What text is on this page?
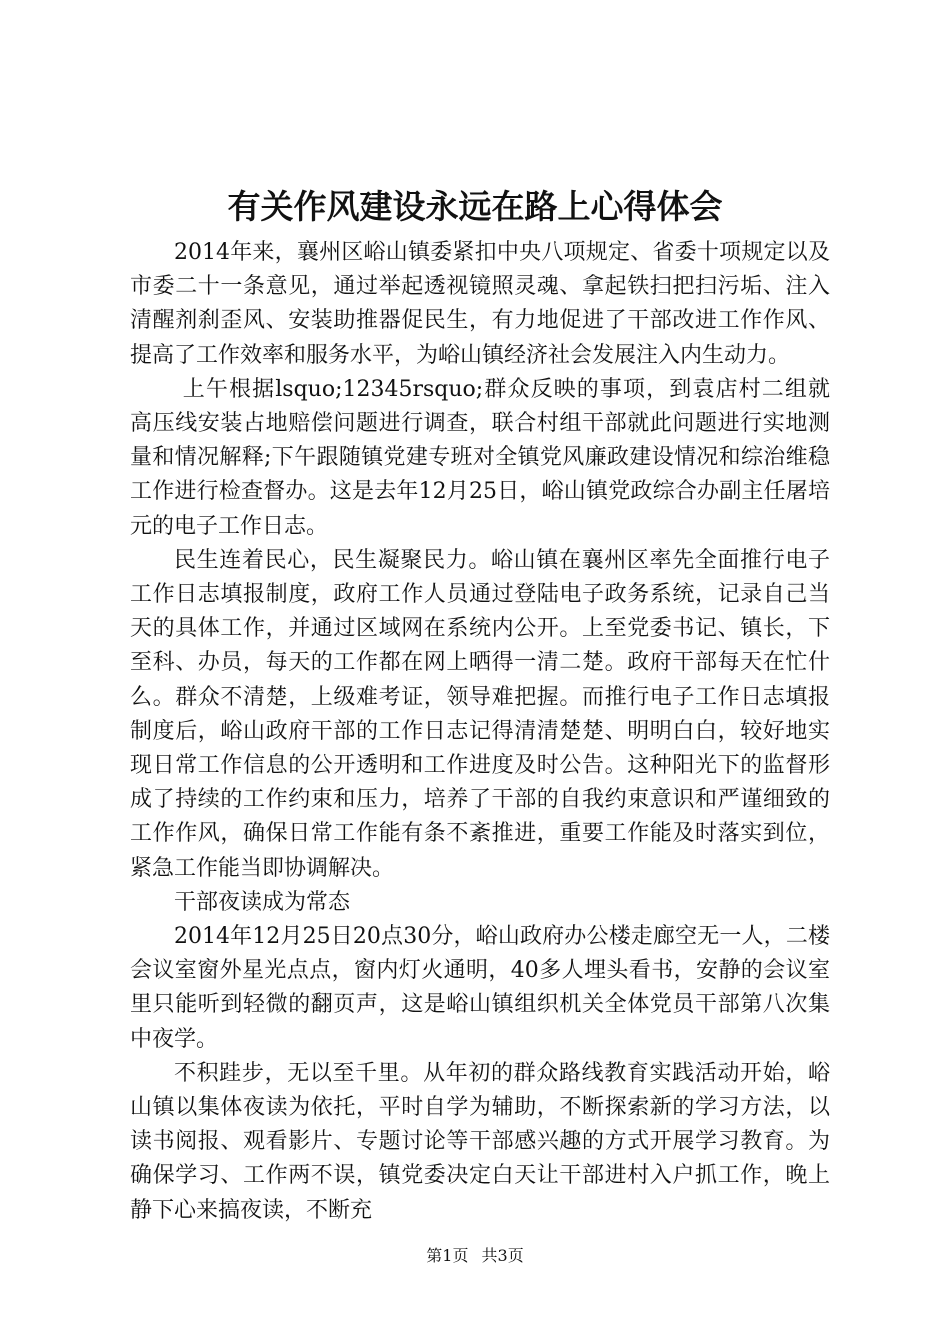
有关作风建设永远在路上心得体会

2014年来，襄州区峪山镇委紧扣中央八项规定、省委十项规定以及市委二十一条意见，通过举起透视镜照灵魂、拿起铁扫把扫污垢、注入清醒剂刹歪风、安装助推器促民生，有力地促进了干部改进工作作风、提高了工作效率和服务水平，为峪山镇经济社会发展注入内生动力。

上午根据lsquo;12345rsquo;群众反映的事项，到袁店村二组就高压线安装占地赔偿问题进行调查，联合村组干部就此问题进行实地测量和情况解释;下午跟随镇党建专班对全镇党风廉政建设情况和综治维稳工作进行检查督办。这是去年12月25日，峪山镇党政综合办副主任屠培元的电子工作日志。

民生连着民心，民生凝聚民力。峪山镇在襄州区率先全面推行电子工作日志填报制度，政府工作人员通过登陆电子政务系统，记录自己当天的具体工作，并通过区域网在系统内公开。上至党委书记、镇长，下至科、办员，每天的工作都在网上晒得一清二楚。政府干部每天在忙什么。群众不清楚，上级难考证，领导难把握。而推行电子工作日志填报制度后，峪山政府干部的工作日志记得清清楚楚、明明白白，较好地实现日常工作信息的公开透明和工作进度及时公告。这种阳光下的监督形成了持续的工作约束和压力，培养了干部的自我约束意识和严谨细致的工作作风，确保日常工作能有条不紊推进，重要工作能及时落实到位，紧急工作能当即协调解决。

干部夜读成为常态

2014年12月25日20点30分，峪山政府办公楼走廊空无一人，二楼会议室窗外星光点点，窗内灯火通明，40多人埋头看书，安静的会议室里只能听到轻微的翻页声，这是峪山镇组织机关全体党员干部第八次集中夜学。

不积跬步，无以至千里。从年初的群众路线教育实践活动开始，峪山镇以集体夜读为依托，平时自学为辅助，不断探索新的学习方法，以读书阅报、观看影片、专题讨论等干部感兴趣的方式开展学习教育。为确保学习、工作两不误，镇党委决定白天让干部进村入户抓工作，晚上静下心来搞夜读，不断充

第1页 共3页
